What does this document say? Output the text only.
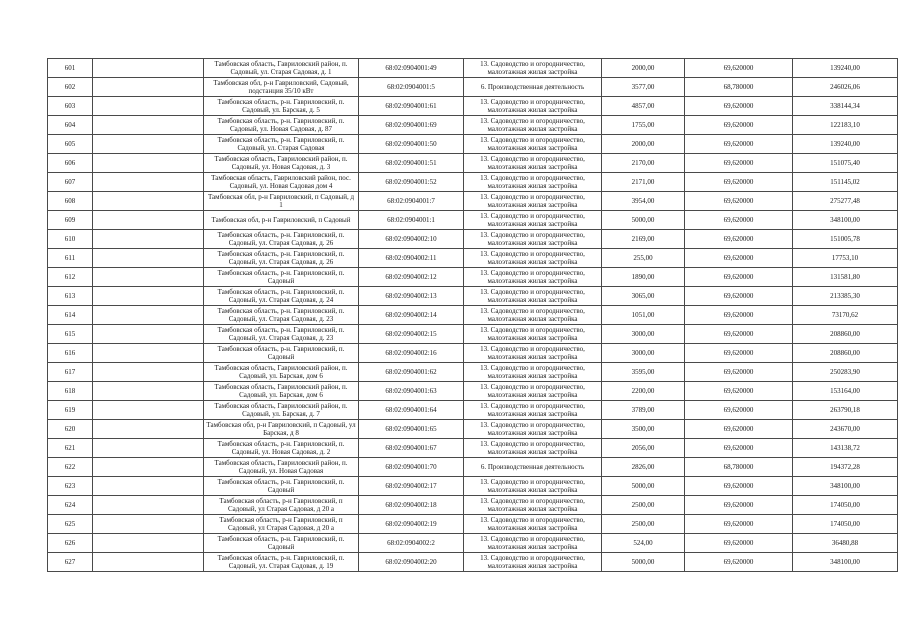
601		Тамбовская область, Гавриловский район, п. Садовый, ул. Старая Садовая, д. 1	68:02:0904001:49	13. Садоводство и огородничество, малоэтажная жилая застройка	2000,00	69,620000	139240,00
602		Тамбовская обл, р-н Гавриловский, Садовый, подстанция 35/10 кВт	68:02:0904001:5	6. Производственная деятельность	3577,00	68,780000	246026,06
603		Тамбовская область, р-н. Гавриловский, п. Садовый, ул. Барская, д. 5	68:02:0904001:61	13. Садоводство и огородничество, малоэтажная жилая застройка	4857,00	69,620000	338144,34
604		Тамбовская область, р-н. Гавриловский, п. Садовый, ул. Новая Садовая, д. 87	68:02:0904001:69	13. Садоводство и огородничество, малоэтажная жилая застройка	1755,00	69,620000	122183,10
605		Тамбовская область, р-н. Гавриловский, п. Садовый, ул. Старая Садовая	68:02:0904001:50	13. Садоводство и огородничество, малоэтажная жилая застройка	2000,00	69,620000	139240,00
606		Тамбовская область, Гавриловский район, п. Садовый, ул. Новая Садовая, д. 3	68:02:0904001:51	13. Садоводство и огородничество, малоэтажная жилая застройка	2170,00	69,620000	151075,40
607		Тамбовская область, Гавриловский район, пос. Садовый, ул. Новая Садовая дом 4	68:02:0904001:52	13. Садоводство и огородничество, малоэтажная жилая застройка	2171,00	69,620000	151145,02
608		Тамбовская обл, р-н Гавриловский, п Садовый, д 1	68:02:0904001:7	13. Садоводство и огородничество, малоэтажная жилая застройка	3954,00	69,620000	275277,48
609		Тамбовская обл, р-н Гавриловский, п Садовый	68:02:0904001:1	13. Садоводство и огородничество, малоэтажная жилая застройка	5000,00	69,620000	348100,00
610		Тамбовская область, р-н. Гавриловский, п. Садовый, ул. Старая Садовая, д. 26	68:02:0904002:10	13. Садоводство и огородничество, малоэтажная жилая застройка	2169,00	69,620000	151005,78
611		Тамбовская область, р-н. Гавриловский, п. Садовый, ул. Старая Садовая, д. 26	68:02:0904002:11	13. Садоводство и огородничество, малоэтажная жилая застройка	255,00	69,620000	17753,10
612		Тамбовская область, р-н. Гавриловский, п. Садовый	68:02:0904002:12	13. Садоводство и огородничество, малоэтажная жилая застройка	1890,00	69,620000	131581,80
613		Тамбовская область, р-н. Гавриловский, п. Садовый, ул. Старая Садовая, д. 24	68:02:0904002:13	13. Садоводство и огородничество, малоэтажная жилая застройка	3065,00	69,620000	213385,30
614		Тамбовская область, р-н. Гавриловский, п. Садовый, ул. Старая Садовая, д. 23	68:02:0904002:14	13. Садоводство и огородничество, малоэтажная жилая застройка	1051,00	69,620000	73170,62
615		Тамбовская область, р-н. Гавриловский, п. Садовый, ул. Старая Садовая, д. 23	68:02:0904002:15	13. Садоводство и огородничество, малоэтажная жилая застройка	3000,00	69,620000	208860,00
616		Тамбовская область, р-н. Гавриловский, п. Садовый	68:02:0904002:16	13. Садоводство и огородничество, малоэтажная жилая застройка	3000,00	69,620000	208860,00
617		Тамбовская область, Гавриловский район, п. Садовый, ул. Барская, дом 6	68:02:0904001:62	13. Садоводство и огородничество, малоэтажная жилая застройка	3595,00	69,620000	250283,90
618		Тамбовская область, Гавриловский район, п. Садовый, ул. Барская, дом 6	68:02:0904001:63	13. Садоводство и огородничество, малоэтажная жилая застройка	2200,00	69,620000	153164,00
619		Тамбовская область, Гавриловский район, п. Садовый, ул. Барская, д. 7	68:02:0904001:64	13. Садоводство и огородничество, малоэтажная жилая застройка	3789,00	69,620000	263790,18
620		Тамбовская обл, р-н Гавриловский, п Садовый, ул Барская, д 8	68:02:0904001:65	13. Садоводство и огородничество, малоэтажная жилая застройка	3500,00	69,620000	243670,00
621		Тамбовская область, р-н. Гавриловский, п. Садовый, ул. Новая Садовая, д. 2	68:02:0904001:67	13. Садоводство и огородничество, малоэтажная жилая застройка	2056,00	69,620000	143138,72
622		Тамбовская область, Гавриловский район, п. Садовый, ул. Новая Садовая	68:02:0904001:70	6. Производственная деятельность	2826,00	68,780000	194372,28
623		Тамбовская область, р-н. Гавриловский, п. Садовый	68:02:0904002:17	13. Садоводство и огородничество, малоэтажная жилая застройка	5000,00	69,620000	348100,00
624		Тамбовская область, р-н Гавриловский, п Садовый, ул Старая Садовая, д 20 а	68:02:0904002:18	13. Садоводство и огородничество, малоэтажная жилая застройка	2500,00	69,620000	174050,00
625		Тамбовская область, р-н Гавриловский, п Садовый, ул Старая Садовая, д 20 а	68:02:0904002:19	13. Садоводство и огородничество, малоэтажная жилая застройка	2500,00	69,620000	174050,00
626		Тамбовская область, р-н. Гавриловский, п. Садовый	68:02:0904002:2	13. Садоводство и огородничество, малоэтажная жилая застройка	524,00	69,620000	36480,88
627		Тамбовская область, р-н. Гавриловский, п. Садовый, ул. Старая Садовая, д. 19	68:02:0904002:20	13. Садоводство и огородничество, малоэтажная жилая застройка	5000,00	69,620000	348100,00
